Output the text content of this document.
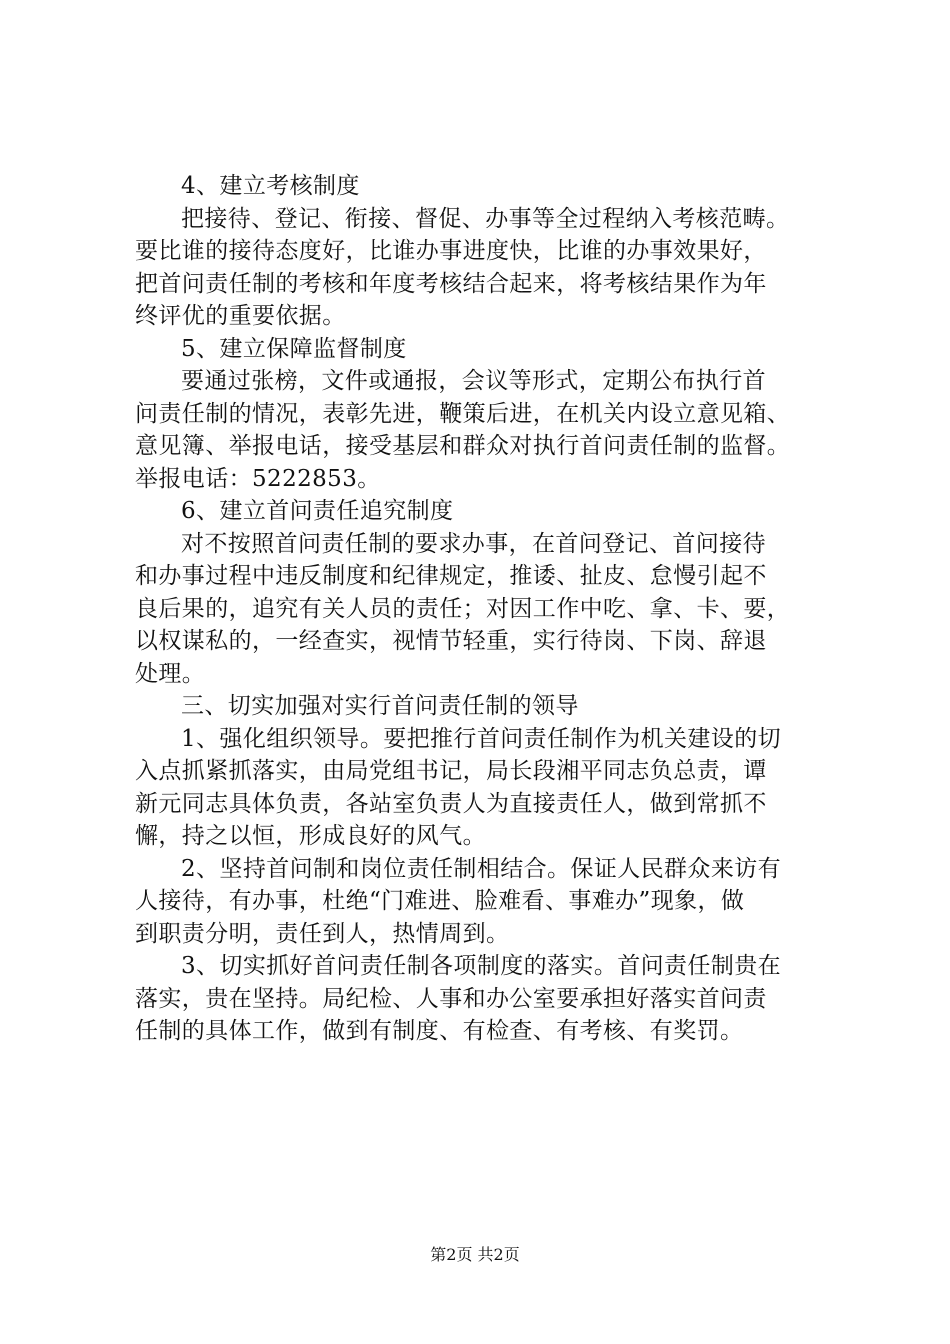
4、建立考核制度
把接待、登记、衔接、督促、办事等全过程纳入考核范畴。
要比谁的接待态度好，比谁办事进度快，比谁的办事效果好，
把首问责任制的考核和年度考核结合起来，将考核结果作为年
终评优的重要依据。
5、建立保障监督制度
要通过张榜，文件或通报，会议等形式，定期公布执行首
问责任制的情况，表彰先进，鞭策后进，在机关内设立意见箱、
意见簿、举报电话，接受基层和群众对执行首问责任制的监督。
举报电话：5222853。
6、建立首问责任追究制度
对不按照首问责任制的要求办事，在首问登记、首问接待
和办事过程中违反制度和纪律规定，推诿、扯皮、怠慢引起不
良后果的，追究有关人员的责任；对因工作中吃、拿、卡、要，
以权谋私的，一经查实，视情节轻重，实行待岗、下岗、辞退
处理。
三、切实加强对实行首问责任制的领导
1、强化组织领导。要把推行首问责任制作为机关建设的切
入点抓紧抓落实，由局党组书记，局长段湘平同志负总责，谭
新元同志具体负责，各站室负责人为直接责任人，做到常抓不
懈，持之以恒，形成良好的风气。
2、坚持首问制和岗位责任制相结合。保证人民群众来访有
人接待，有办事，杜绝“门难进、脸难看、事难办”现象，做
到职责分明，责任到人，热情周到。
3、切实抓好首问责任制各项制度的落实。首问责任制贵在
落实，贵在坚持。局纪检、人事和办公室要承担好落实首问责
任制的具体工作，做到有制度、有检查、有考核、有奖罚。
第2页 共2页
